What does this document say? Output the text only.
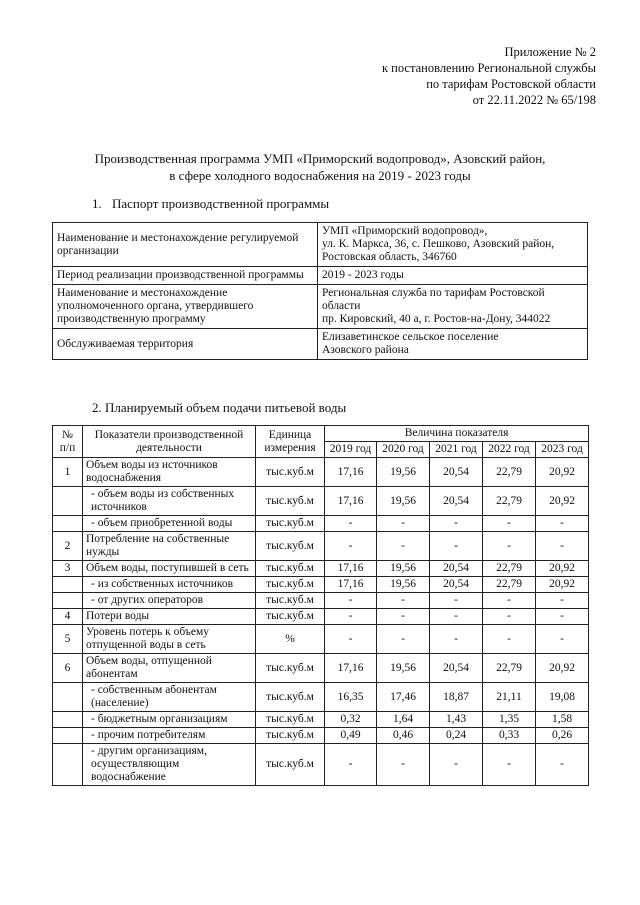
Приложение № 2
к постановлению Региональной службы
по тарифам Ростовской области
от 22.11.2022 № 65/198
Производственная программа УМП «Приморский водопровод», Азовский район,
в сфере холодного водоснабжения на 2019 - 2023 годы
1. Паспорт производственной программы
Наименование и местонахождение регулируемой организации	УМП «Приморский водопровод»,
ул. К. Маркса, 36, с. Пешково, Азовский район,
Ростовская область, 346760

Период реализации производственной программы	2019 - 2023 годы

Наименование и местонахождение уполномоченного органа, утвердившего производственную программу	Региональная служба по тарифам Ростовской области
пр. Кировский, 40 а, г. Ростов-на-Дону, 344022

Обслуживаемая территория	Елизаветинское сельское поселение
Азовского района
2. Планируемый объем подачи питьевой воды
№ п/п	Показатели производственной деятельности	Единица измерения	Величина показателя				
			2019 год	2020 год	2021 год	2022 год	2023 год
1	Объем воды из источников водоснабжения	тыс.куб.м	17,16	19,56	20,54	22,79	20,92
	- объем воды из собственных источников	тыс.куб.м	17,16	19,56	20,54	22,79	20,92
	- объем приобретенной воды	тыс.куб.м	-	-	-	-	-
2	Потребление на собственные нужды	тыс.куб.м	-	-	-	-	-
3	Объем воды, поступившей в сеть	тыс.куб.м	17,16	19,56	20,54	22,79	20,92
	- из собственных источников	тыс.куб.м	17,16	19,56	20,54	22,79	20,92
	- от других операторов	тыс.куб.м	-	-	-	-	-
4	Потери воды	тыс.куб.м	-	-	-	-	-
5	Уровень потерь к объему отпущенной воды в сеть	%	-	-	-	-	-
6	Объем воды, отпущенной абонентам	тыс.куб.м	17,16	19,56	20,54	22,79	20,92
	- собственным абонентам (население)	тыс.куб.м	16,35	17,46	18,87	21,11	19,08
	- бюджетным организациям	тыс.куб.м	0,32	1,64	1,43	1,35	1,58
	- прочим потребителям	тыс.куб.м	0,49	0,46	0,24	0,33	0,26
	- другим организациям, осуществляющим водоснабжение	тыс.куб.м	-	-	-	-	-
